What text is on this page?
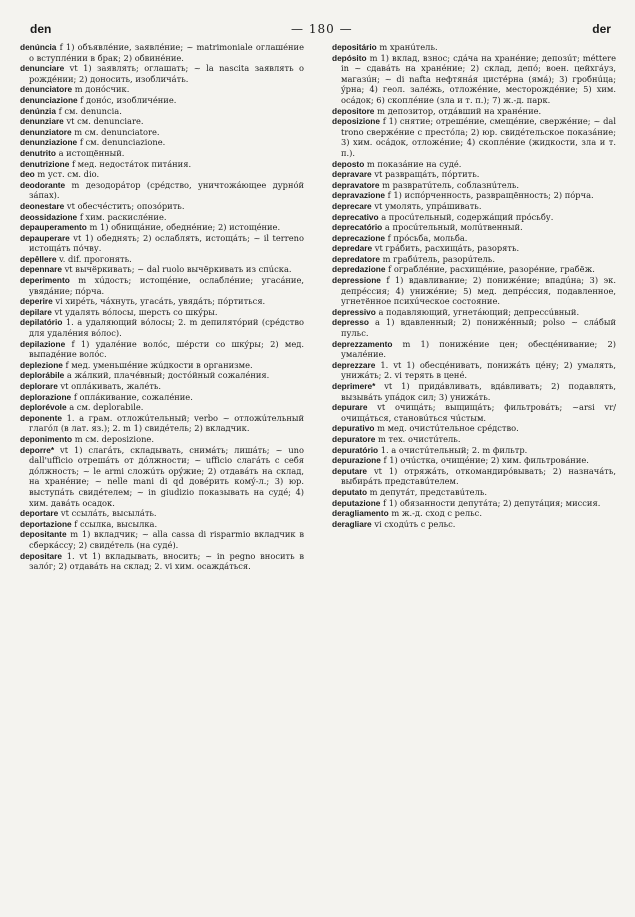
den	— 180 —	der

denúncia f 1) объявлéние, заявлéние; ~ matrimoniale оглашéние о вступлéнии в брак; 2) обвинéние.

denunciare vt 1) заявлять; оглашать; ~ la nascita заявлять о рождéнии; 2) доносить, изобличáть.

denunciatore m донóсчик.

denunciazione f донóс, изобличéние.

denúnzia f см. denuncia.

denunziare vt см. denunciare.

denunziatore m см. denunciatore.

denunziazione f см. denunciazione.

denutrito a истощённый.

denutrizione f мед. недостáток питáния.

deo m уст. см. dio.

deodorante m дезодорáтор (срéдство, уничтожáющее дурнóй зáпах).

deonestare vt обесчéстить; опозóрить.

deossidazione f хим. раскислéние.

depauperamento m 1) обнищáние, обеднéние; 2) истощéние.

depauperare vt 1) обеднять; 2) ослаблять, истощáть; ~ il terreno истощáть пóчву.

depêllere v. dif. прогонять.

depennare vt вычёркивать; ~ dal ruolo вычёркивать из спúска.

deperimento m хúдость; истощéние, ослаблéние; угасáние, увядáние; пóрча.

deperire vi хирéть, чáхнуть, угасáть, увядáть; пóртиться.

depilare vt удалять вóлосы, шерсть со шкýры.

depilatório 1. a удаляющий вóлосы; 2. m депилятóрий (срéдство для удалéния вóлос).

depilazione f 1) удалéние волóс, шéрсти со шкýры; 2) мед. выпадéние волóс.

deplezione f мед. уменьшéние жúдкости в организме.

deplorábile a жáлкий, плачéвный; достóйный сожалéния.

deplorare vt оплáкивать, жалéть.

deplorazione f оплáкивание, сожалéние.

deplorévole a см. deplorabile.

deponente 1. a грам. отложúтельный; verbo ~ отложúтельный глагóл (в лат. яз.); 2. m 1) свидéтель; 2) вкладчик.

deponimento m см. deposizione.

deporre* vt 1) слагáть, складывать, снимáть; лишáть; ~ uno dall'ufficio отрешáть от дóлжности; ~ ufficio слагáть с себя дóлжность; ~ le armi сложúть орýжие; 2) отдавáть на склад, на хранéние; ~ nelle mani di qd довéрить комý-л.; 3) юр. выступáть свидéтелем; ~ in giudizio показывать на судé; 4) хим. давáть осадок.

deportare vt ссылáть, высылáть.

deportazione f ссылка, высылка.

depositante m 1) вкладчик; ~ alla cassa di risparmio вкладчик в сберкáссу; 2) свидéтель (на судé).

depositare 1. vt 1) вкладывать, вносить; ~ in pegno вносить в залóг; 2) отдавáть на склад; 2. vi хим. осаждáться.

depositário m хранúтель.

depósito m 1) вклад, взнос; сдáча на хранéние; депозúт; méttere in ~ сдавáть на хранéние; 2) склад, депó; воен. цейхгáуз, магазúн; ~ di nafta нефтянáя цистéрна (ямá); 3) гробнúца; ýрна; 4) геол. залéжь, отложéние, месторождéние; 5) хим. осáдок; 6) скоплéние (зла и т. п.); 7) ж.-д. парк.

depositore m депозитор, отдáвший на хранéние.

deposizione f 1) снятие; отрешéние, смещéние, свержéние; ~ dal trono свержéние с престóла; 2) юр. свидéтельское показáние; 3) хим. осáдок, отложéние; 4) скоплéние (жидкости, зла и т. п.).

deposto m показáние на судé.

depravare vt развращáть, пóртить.

depravatore m развратúтель, соблазнúтель.

depravazione f 1) испóрченность, развращённость; 2) пóрча.

deprecare vt умолять, упрáшивать.

deprecativo a просúтельный, содержáщий прóсьбу.

deprecatório a просúтельный, молúтвенный.

deprecazione f прóсьба, мольба.

depredare vt грáбить, расхищáть, разорять.

depredatore m грабúтель, разорúтель.

depredazione f ограблéние, расхищéние, разорéние, грабёж.

depressione f 1) вдавливание; 2) понижéние; впадúна; 3) эк. депрéссия; 4) унижéние; 5) мед. депрéссия, подавленное, угнетённое психúческое состояние.

depressivo a подавляющий, угнетáющий; депрессúвный.

depresso a 1) вдавленный; 2) понижéнный; polso ~ слáбый пульс.

deprezzamento m 1) понижéние цен; обесцéнивание; 2) умалéние.

deprezzare 1. vt 1) обесцéнивать, понижáть цéну; 2) умалять, унижáть; 2. vi терять в ценé.

deprimere* vt 1) придáвливать, вдáвливать; 2) подавлять, вызывáть упáдок сил; 3) унижáть.

depurare vt очищáть; выщищáть; фильтровáть; ~arsi vr/ очищáться, становúться чúстым.

depurativo m мед. очистúтельное срéдство.

depuratore m тех. очистúтель.

depuratório 1. a очистúтельный; 2. m фильтр.

depurazione f 1) очúстка, очищéние; 2) хим. фильтровáние.

deputare vt 1) отряжáть, откомандирóвывать; 2) назначáть, выбирáть представúтелем.

deputato m депутáт, представúтель.

deputazione f 1) обязанности депутáта; 2) депутáция; миссия.

deragliamento m ж.-д. сход с рельс.

deragliare vi сходúть с рельс.
